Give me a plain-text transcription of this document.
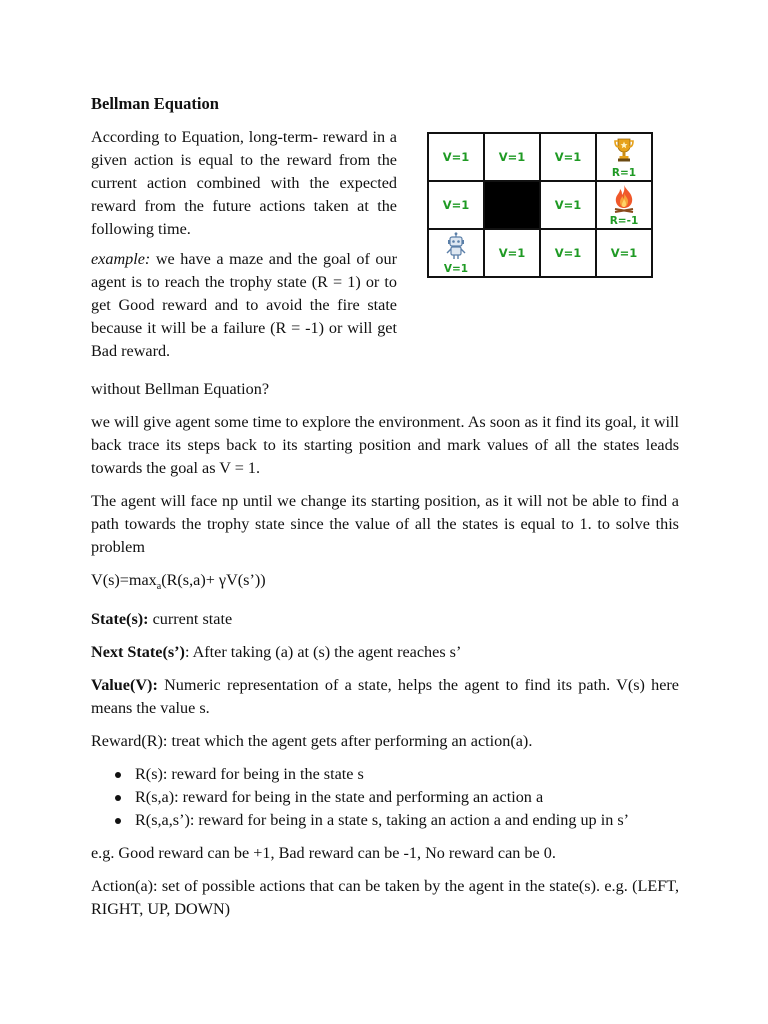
Bellman Equation

According to Equation, long-term- reward in a given action is equal to the reward from the current action combined with the expected reward from the future actions taken at the following time.

example: we have a maze and the goal of our agent is to reach the trophy state (R = 1) or to get Good reward and to avoid the fire state because it will be a failure (R = -1) or will get Bad reward.

V=1	V=1	V=1	R=1

V=1		V=1	R=-1

V=1	V=1	V=1	V=1

without Bellman Equation?

we will give agent some time to explore the environment. As soon as it find its goal, it will back trace its steps back to its starting position and mark values of all the states leads towards the goal as V = 1.

The agent will face np until we change its starting position, as it will not be able to find a path towards the trophy state since the value of all the states is equal to 1. to solve this problem

$V(s)=\max_a(R(s,a)+$ γV(s’))

State(s): current state

Next State(s’): After taking (a) at (s) the agent reaches s’

Value(V): Numeric representation of a state, helps the agent to find its path. V(s) here means the value s.

Reward(R): treat which the agent gets after performing an action(a).

R(s): reward for being in the state s
R(s,a): reward for being in the state and performing an action a
R(s,a,s’): reward for being in a state s, taking an action a and ending up in s’

e.g. Good reward can be +1, Bad reward can be -1, No reward can be 0.

Action(a): set of possible actions that can be taken by the agent in the state(s). e.g. (LEFT, RIGHT, UP, DOWN)
